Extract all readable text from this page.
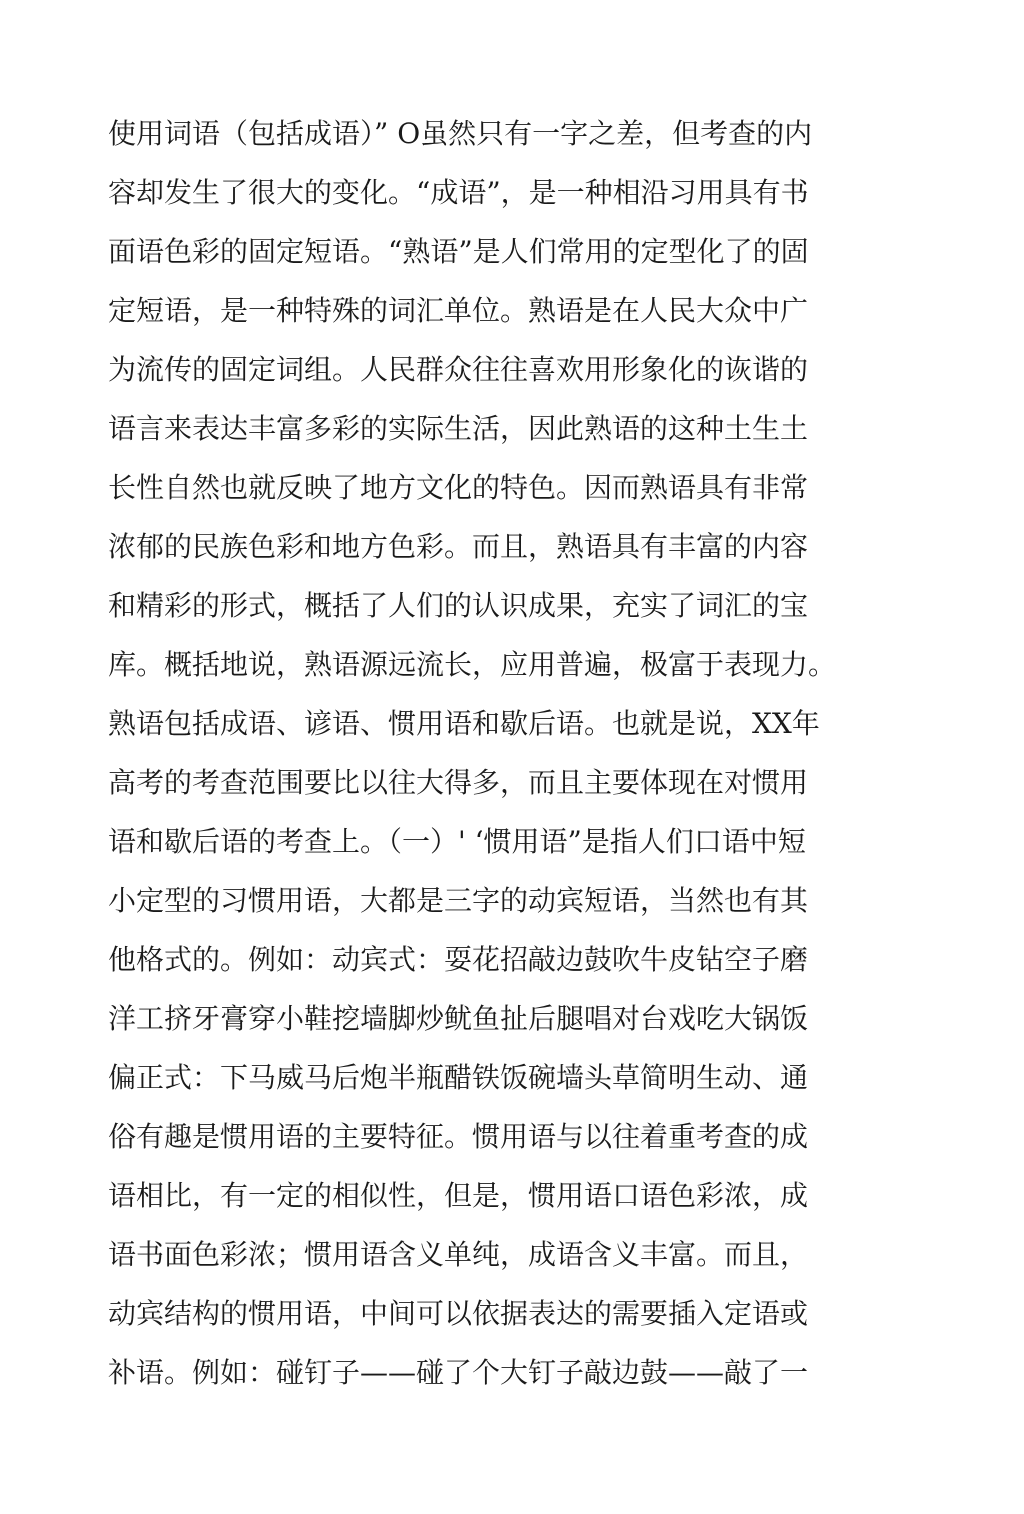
使用词语（包括成语）” O虽然只有一字之差，但考查的内
容却发生了很大的变化。“成语”，是一种相沿习用具有书
面语色彩的固定短语。“熟语”是人们常用的定型化了的固
定短语，是一种特殊的词汇单位。熟语是在人民大众中广
为流传的固定词组。人民群众往往喜欢用形象化的诙谐的
语言来表达丰富多彩的实际生活，因此熟语的这种土生土
长性自然也就反映了地方文化的特色。因而熟语具有非常
浓郁的民族色彩和地方色彩。而且，熟语具有丰富的内容
和精彩的形式，概括了人们的认识成果，充实了词汇的宝
库。概括地说，熟语源远流长，应用普遍，极富于表现力。
熟语包括成语、谚语、惯用语和歇后语。也就是说，XX年
高考的考查范围要比以往大得多，而且主要体现在对惯用
语和歇后语的考查上。（一）' ‘惯用语”是指人们口语中短
小定型的习惯用语，大都是三字的动宾短语，当然也有其
他格式的。例如：动宾式：耍花招敲边鼓吹牛皮钻空子磨
洋工挤牙膏穿小鞋挖墙脚炒鱿鱼扯后腿唱对台戏吃大锅饭
偏正式：下马威马后炮半瓶醋铁饭碗墙头草简明生动、通
俗有趣是惯用语的主要特征。惯用语与以往着重考查的成
语相比，有一定的相似性，但是，惯用语口语色彩浓，成
语书面色彩浓；惯用语含义单纯，成语含义丰富。而且，
动宾结构的惯用语，中间可以依据表达的需要插入定语或
补语。例如：碰钉子——碰了个大钉子敲边鼓——敲了一
